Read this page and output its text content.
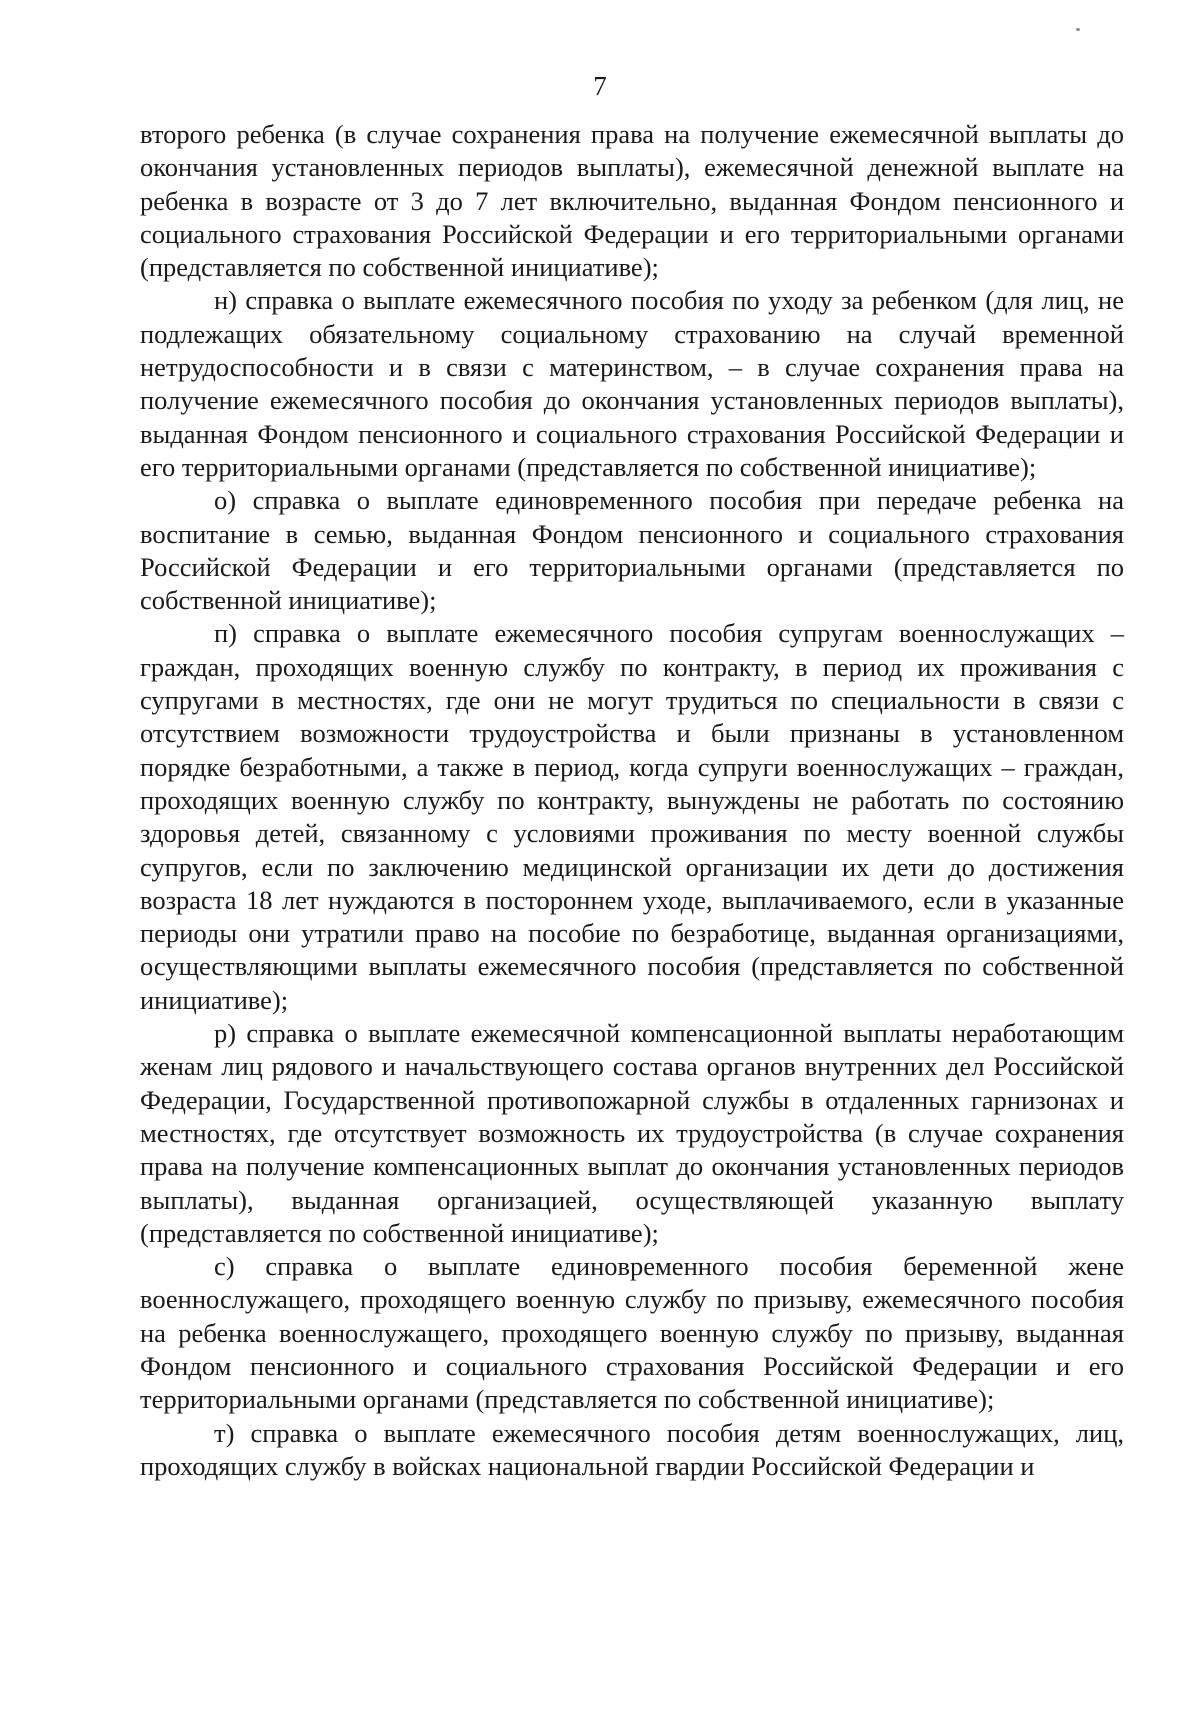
7

второго ребенка (в случае сохранения права на получение ежемесячной выплаты до окончания установленных периодов выплаты), ежемесячной денежной выплате на ребенка в возрасте от 3 до 7 лет включительно, выданная Фондом пенсионного и социального страхования Российской Федерации и его территориальными органами (представляется по собственной инициативе);

н) справка о выплате ежемесячного пособия по уходу за ребенком (для лиц, не подлежащих обязательному социальному страхованию на случай временной нетрудоспособности и в связи с материнством, – в случае сохранения права на получение ежемесячного пособия до окончания установленных периодов выплаты), выданная Фондом пенсионного и социального страхования Российской Федерации и его территориальными органами (представляется по собственной инициативе);

о) справка о выплате единовременного пособия при передаче ребенка на воспитание в семью, выданная Фондом пенсионного и социального страхования Российской Федерации и его территориальными органами (представляется по собственной инициативе);

п) справка о выплате ежемесячного пособия супругам военнослужащих – граждан, проходящих военную службу по контракту, в период их проживания с супругами в местностях, где они не могут трудиться по специальности в связи с отсутствием возможности трудоустройства и были признаны в установленном порядке безработными, а также в период, когда супруги военнослужащих – граждан, проходящих военную службу по контракту, вынуждены не работать по состоянию здоровья детей, связанному с условиями проживания по месту военной службы супругов, если по заключению медицинской организации их дети до достижения возраста 18 лет нуждаются в постороннем уходе, выплачиваемого, если в указанные периоды они утратили право на пособие по безработице, выданная организациями, осуществляющими выплаты ежемесячного пособия (представляется по собственной инициативе);

р) справка о выплате ежемесячной компенсационной выплаты неработающим женам лиц рядового и начальствующего состава органов внутренних дел Российской Федерации, Государственной противопожарной службы в отдаленных гарнизонах и местностях, где отсутствует возможность их трудоустройства (в случае сохранения права на получение компенсационных выплат до окончания установленных периодов выплаты), выданная организацией, осуществляющей указанную выплату (представляется по собственной инициативе);

с) справка о выплате единовременного пособия беременной жене военнослужащего, проходящего военную службу по призыву, ежемесячного пособия на ребенка военнослужащего, проходящего военную службу по призыву, выданная Фондом пенсионного и социального страхования Российской Федерации и его территориальными органами (представляется по собственной инициативе);

т) справка о выплате ежемесячного пособия детям военнослужащих, лиц, проходящих службу в войсках национальной гвардии Российской Федерации и
